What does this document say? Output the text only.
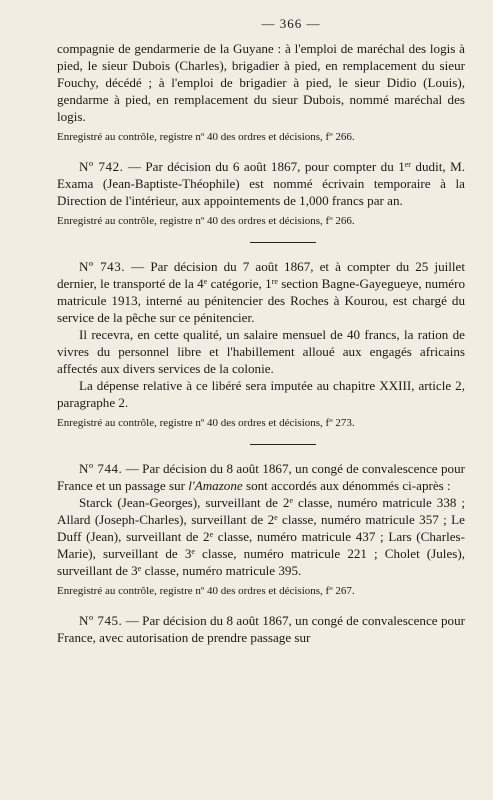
— 366 —

compagnie de gendarmerie de la Guyane : à l'emploi de maréchal des logis à pied, le sieur Dubois (Charles), brigadier à pied, en remplacement du sieur Fouchy, décédé ; à l'emploi de brigadier à pied, le sieur Didio (Louis), gendarme à pied, en remplacement du sieur Dubois, nommé maréchal des logis.

Enregistré au contrôle, registre nº 40 des ordres et décisions, fº 266.

Nº 742. — Par décision du 6 août 1867, pour compter du 1er dudit, M. Exama (Jean-Baptiste-Théophile) est nommé écrivain temporaire à la Direction de l'intérieur, aux appointements de 1,000 francs par an.

Enregistré au contrôle, registre nº 40 des ordres et décisions, fº 266.

Nº 743. — Par décision du 7 août 1867, et à compter du 25 juillet dernier, le transporté de la 4e catégorie, 1re section Bagne-Gayegueye, numéro matricule 1913, interné au pénitencier des Roches à Kourou, est chargé du service de la pêche sur ce pénitencier.

Il recevra, en cette qualité, un salaire mensuel de 40 francs, la ration de vivres du personnel libre et l'habillement alloué aux engagés africains affectés aux divers services de la colonie.

La dépense relative à ce libéré sera imputée au chapitre XXIII, article 2, paragraphe 2.

Enregistré au contrôle, registre nº 40 des ordres et décisions, fº 273.

Nº 744. — Par décision du 8 août 1867, un congé de convalescence pour France et un passage sur l'Amazone sont accordés aux dénommés ci-après :

Starck (Jean-Georges), surveillant de 2e classe, numéro matricule 338 ; Allard (Joseph-Charles), surveillant de 2e classe, numéro matricule 357 ; Le Duff (Jean), surveillant de 2e classe, numéro matricule 437 ; Lars (Charles-Marie), surveillant de 3e classe, numéro matricule 221 ; Cholet (Jules), surveillant de 3e classe, numéro matricule 395.

Enregistré au contrôle, registre nº 40 des ordres et décisions, fº 267.

Nº 745. — Par décision du 8 août 1867, un congé de convalescence pour France, avec autorisation de prendre passage sur
